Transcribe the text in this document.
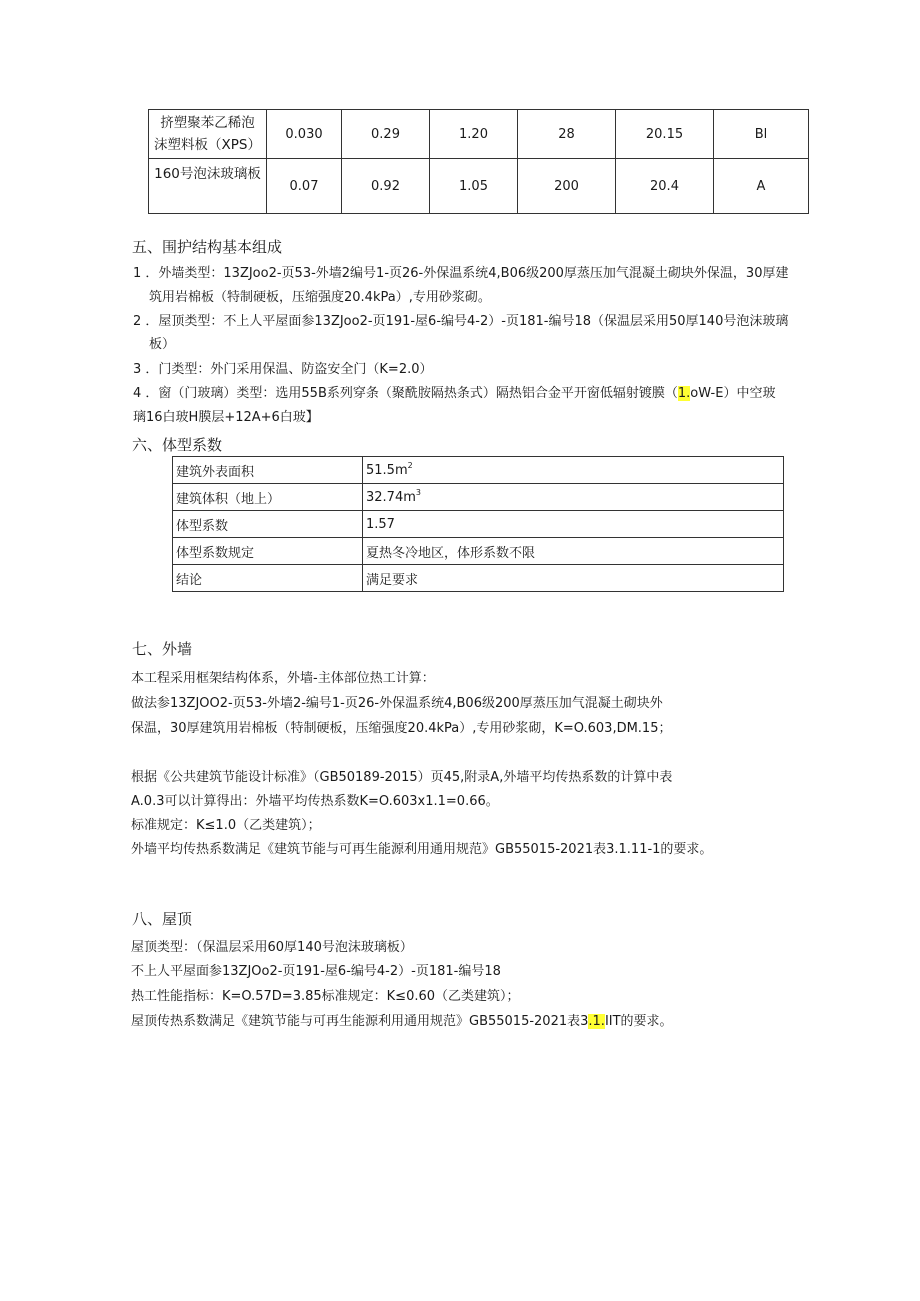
挤塑聚苯乙稀泡
沫塑料板（XPS）	0.030	0.29	1.20	28	20.15	Bl

160号泡沫玻璃板	0.07	0.92	1.05	200	20.4	A
五、围护结构基本组成
1 ．外墙类型：13ZJoo2-页53-外墙2编号1-页26-外保温系统4,B06级200厚蒸压加气混凝土砌块外保温，30厚建
筑用岩棉板（特制硬板，压缩强度20.4kPa）,专用砂浆砌。
2 ．屋顶类型：不上人平屋面参13ZJoo2-页191-屋6-编号4-2）-页181-编号18（保温层采用50厚140号泡沫玻璃
板）
3 ．门类型：外门采用保温、防盗安全门（K=2.0）
4 ．窗（门玻璃）类型：选用55B系列穿条（聚酰胺隔热条式）隔热铝合金平开窗低辐射镀膜（1.oW-E）中空玻
璃16白玻H膜层+12A+6白玻】
六、体型系数
建筑外表面积	$51.5m^2$
建筑体积（地上）	$32.74m^3$
体型系数	1.57
体型系数规定	夏热冬冷地区，体形系数不限
结论	满足要求
七、外墙
本工程采用框架结构体系，外墙-主体部位热工计算：
做法参13ZJOO2-页53-外墙2-编号1-页26-外保温系统4,B06级200厚蒸压加气混凝土砌块外
保温，30厚建筑用岩棉板（特制硬板，压缩强度20.4kPa）,专用砂浆砌，K=O.603,DM.15；
根据《公共建筑节能设计标准》（GB50189-2015）页45,附录A,外墙平均传热系数的计算中表
A.0.3可以计算得出：外墙平均传热系数K=O.603x1.1=0.66。
标准规定：K≤1.0（乙类建筑）；
外墙平均传热系数满足《建筑节能与可再生能源利用通用规范》GB55015-2021表3.1.11-1的要求。
八、屋顶
屋顶类型：（保温层采用60厚140号泡沫玻璃板）
不上人平屋面参13ZJOo2-页191-屋6-编号4-2）-页181-编号18
热工性能指标：K=O.57D=3.85标准规定：K≤0.60（乙类建筑）；
屋顶传热系数满足《建筑节能与可再生能源利用通用规范》GB55015-2021表3.1.IIT的要求。
